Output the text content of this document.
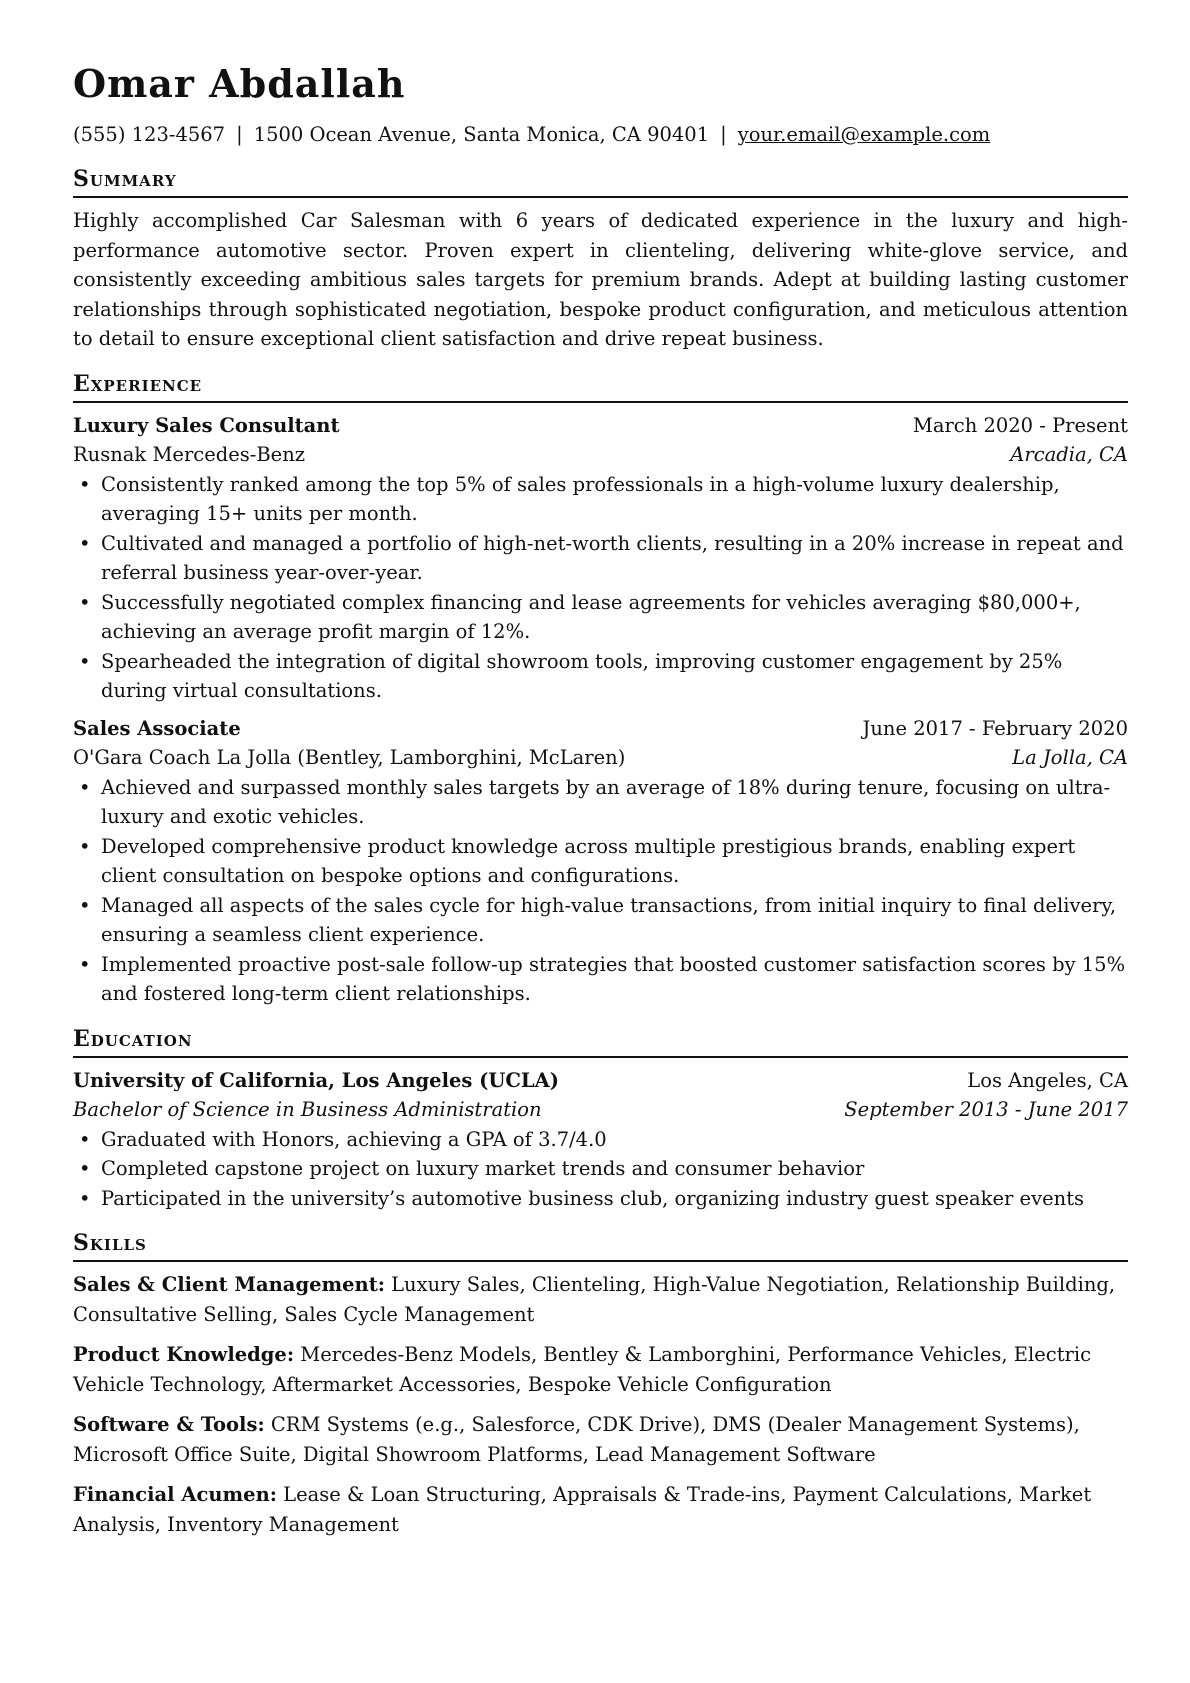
Omar Abdallah
(555) 123-4567 | 1500 Ocean Avenue, Santa Monica, CA 90401 | your.email@example.com
Summary

Highly accomplished Car Salesman with 6 years of dedicated experience in the luxury and high-performance automotive sector. Proven expert in clienteling, delivering white-glove service, and consistently exceeding ambitious sales targets for premium brands. Adept at building lasting customer relationships through sophisticated negotiation, bespoke product configuration, and meticulous attention to detail to ensure exceptional client satisfaction and drive repeat business.

Experience
Luxury Sales Consultant	March 2020 - Present
Rusnak Mercedes-Benz	Arcadia, CA
• Consistently ranked among the top 5% of sales professionals in a high-volume luxury dealership, averaging 15+ units per month.
• Cultivated and managed a portfolio of high-net-worth clients, resulting in a 20% increase in repeat and referral business year-over-year.
• Successfully negotiated complex financing and lease agreements for vehicles averaging $80,000+, achieving an average profit margin of 12%.
• Spearheaded the integration of digital showroom tools, improving customer engagement by 25% during virtual consultations.
Sales Associate	June 2017 - February 2020
O'Gara Coach La Jolla (Bentley, Lamborghini, McLaren)	La Jolla, CA
• Achieved and surpassed monthly sales targets by an average of 18% during tenure, focusing on ultra-luxury and exotic vehicles.
• Developed comprehensive product knowledge across multiple prestigious brands, enabling expert client consultation on bespoke options and configurations.
• Managed all aspects of the sales cycle for high-value transactions, from initial inquiry to final delivery, ensuring a seamless client experience.
• Implemented proactive post-sale follow-up strategies that boosted customer satisfaction scores by 15% and fostered long-term client relationships.
Education
University of California, Los Angeles (UCLA)	Los Angeles, CA
Bachelor of Science in Business Administration	September 2013 - June 2017
• Graduated with Honors, achieving a GPA of 3.7/4.0
• Completed capstone project on luxury market trends and consumer behavior
• Participated in the university’s automotive business club, organizing industry guest speaker events
Skills

Sales & Client Management: Luxury Sales, Clienteling, High-Value Negotiation, Relationship Building, Consultative Selling, Sales Cycle Management

Product Knowledge: Mercedes-Benz Models, Bentley & Lamborghini, Performance Vehicles, Electric Vehicle Technology, Aftermarket Accessories, Bespoke Vehicle Configuration

Software & Tools: CRM Systems (e.g., Salesforce, CDK Drive), DMS (Dealer Management Systems), Microsoft Office Suite, Digital Showroom Platforms, Lead Management Software

Financial Acumen: Lease & Loan Structuring, Appraisals & Trade-ins, Payment Calculations, Market Analysis, Inventory Management
